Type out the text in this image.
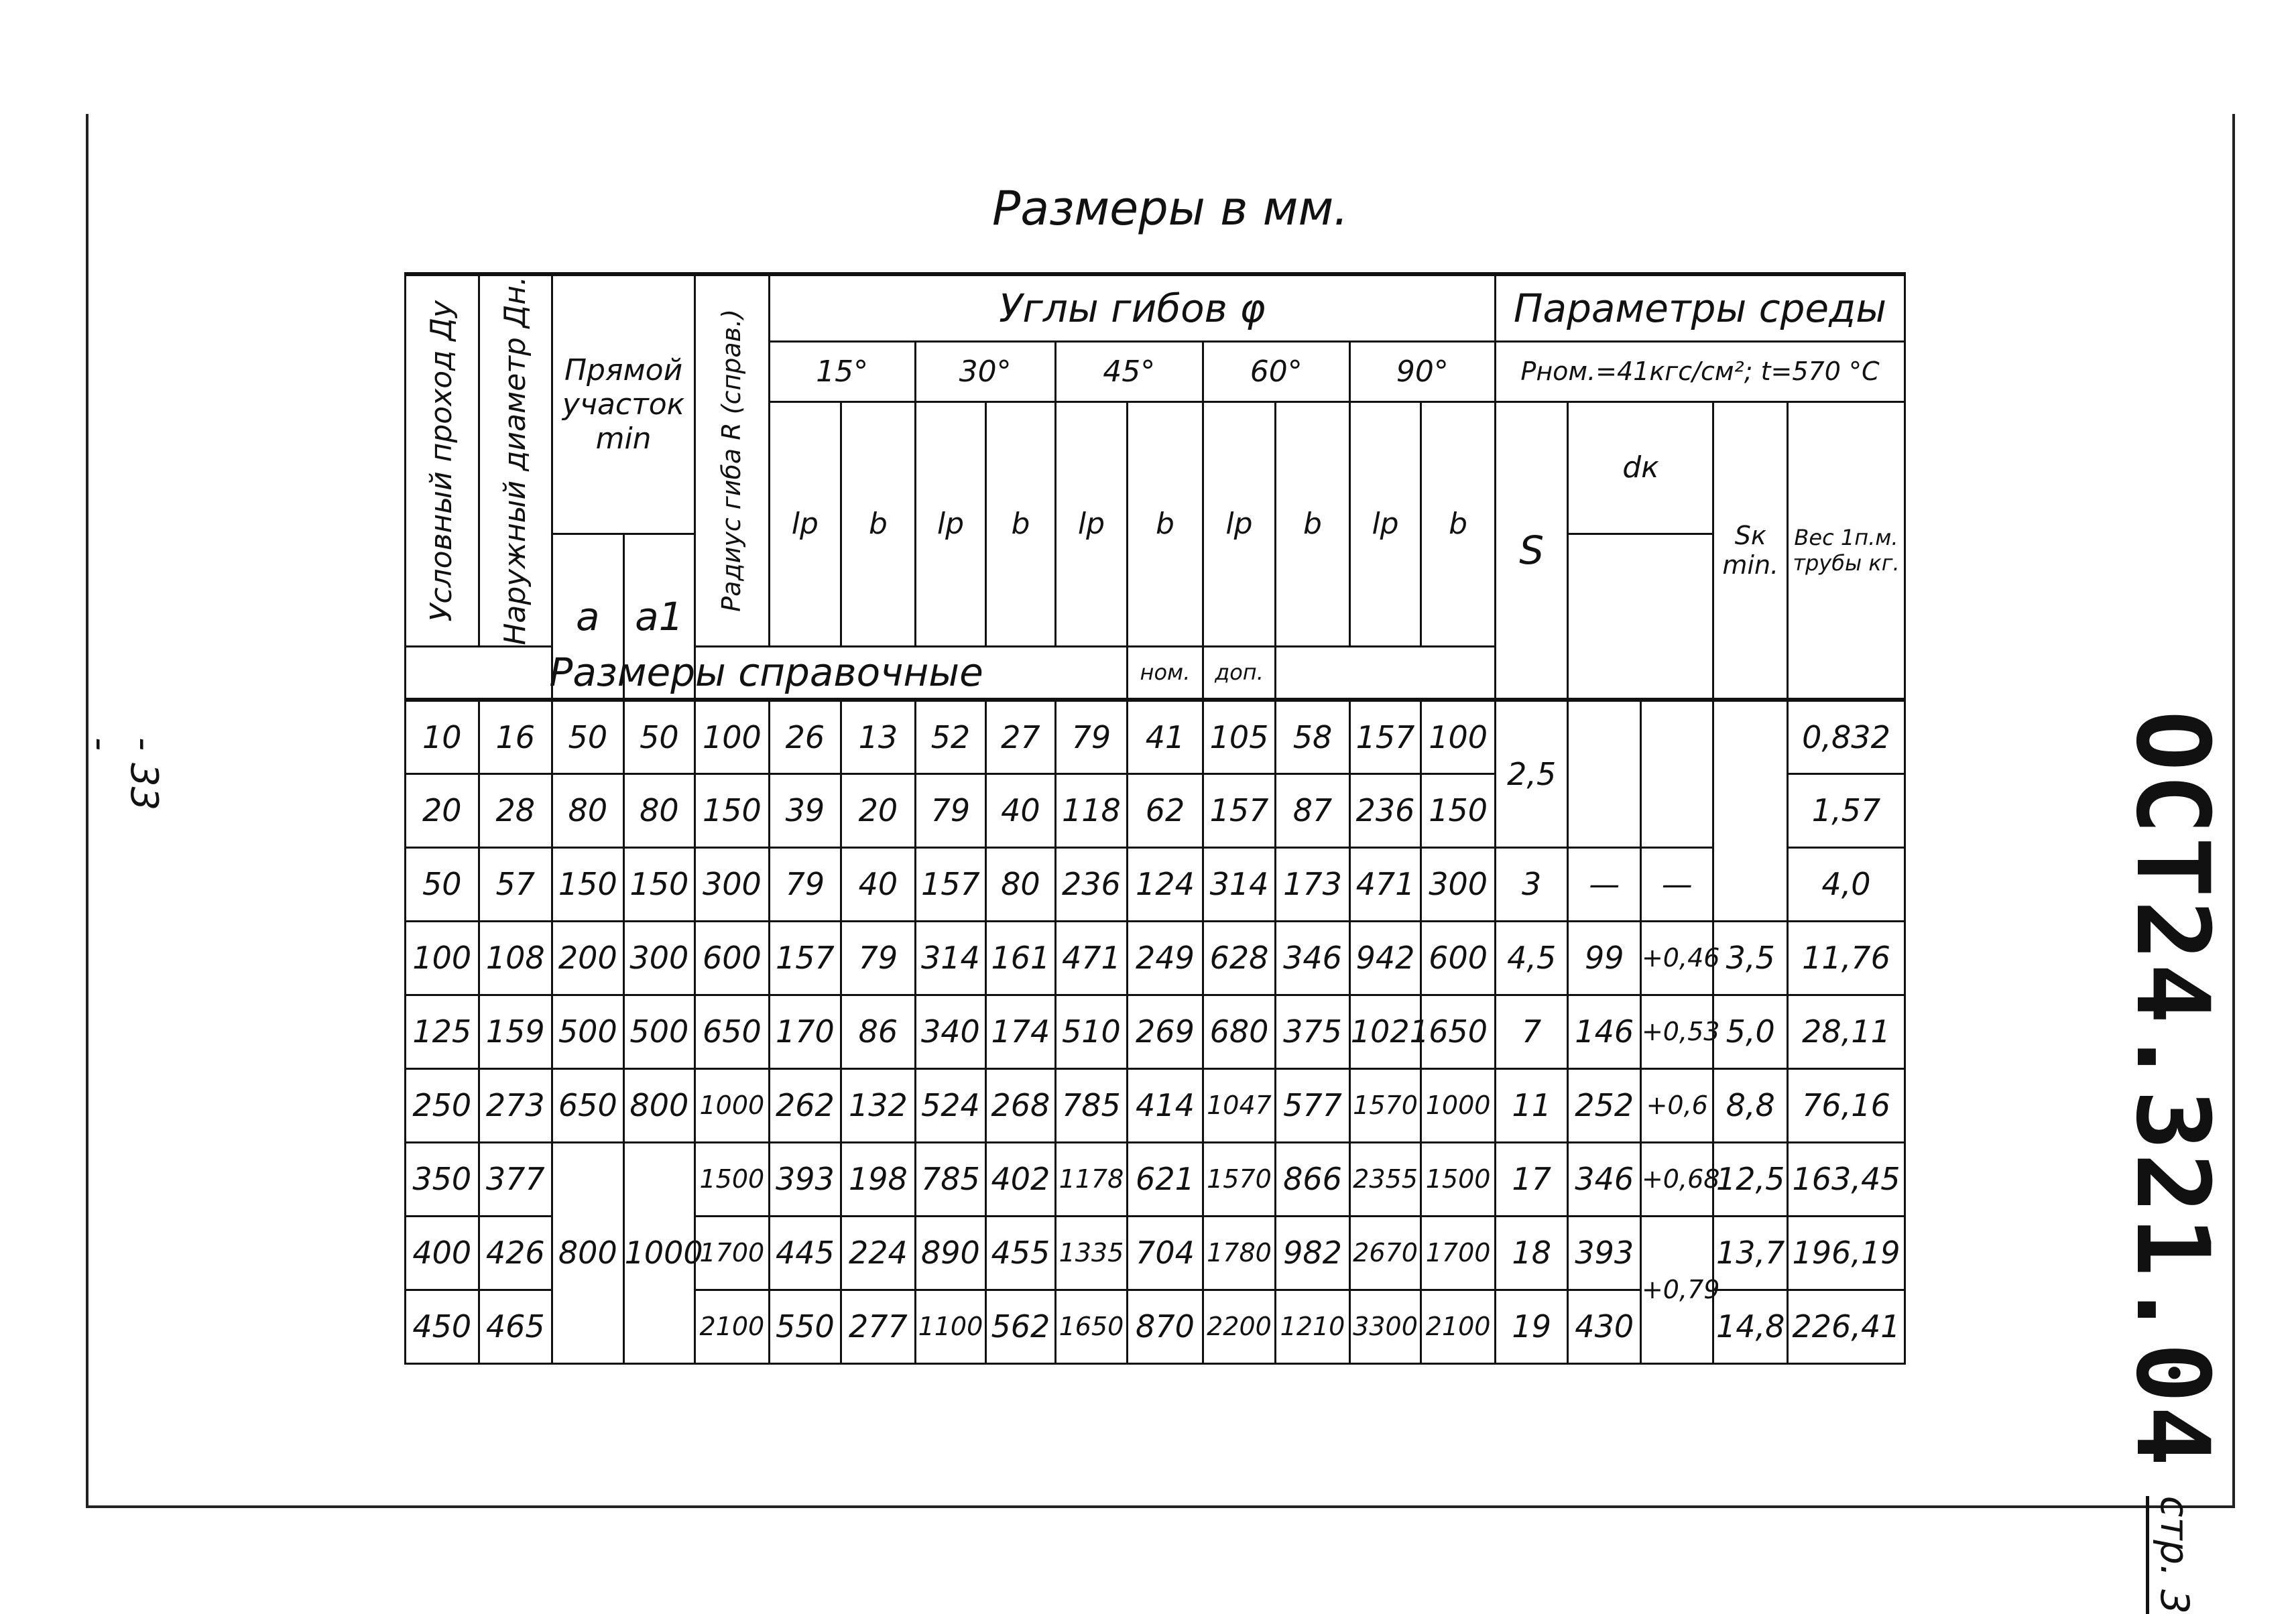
Размеры в мм.
- 33 -	ОСТ24.321.04
стр. 3
Условный проход Ду	Наружный диаметр Дн.	Прямой участок min		Радиус гиба R (справ.)	Углы гибов φ										Параметры среды				
					15°		30°		45°		60°		90°		Рном.=41кгс/см²; t=570 °C				
					lp	b	lp	b	lp	b	lp	b	lp	b	S	dк		Sк min.	Вес 1п.м. трубы кг.
		a	a1																
Размеры справочные										ном.	доп.								
10	16	50	50	100	26	13	52	27	79	41	105	58	157	100	2,5				0,832
20	28	80	80	150	39	20	79	40	118	62	157	87	236	150					1,57
50	57	150	150	300	79	40	157	80	236	124	314	173	471	300	3	—	—		4,0
100	108	200	300	600	157	79	314	161	471	249	628	346	942	600	4,5	99	+0,46	3,5	11,76
125	159	500	500	650	170	86	340	174	510	269	680	375	1021	650	7	146	+0,53	5,0	28,11
250	273	650	800	1000	262	132	524	268	785	414	1047	577	1570	1000	11	252	+0,6	8,8	76,16
350	377	800	1000	1500	393	198	785	402	1178	621	1570	866	2355	1500	17	346	+0,68	12,5	163,45
400	426			1700	445	224	890	455	1335	704	1780	982	2670	1700	18	393	+0,79	13,7	196,19
450	465			2100	550	277	1100	562	1650	870	2200	1210	3300	2100	19	430		14,8	226,41
